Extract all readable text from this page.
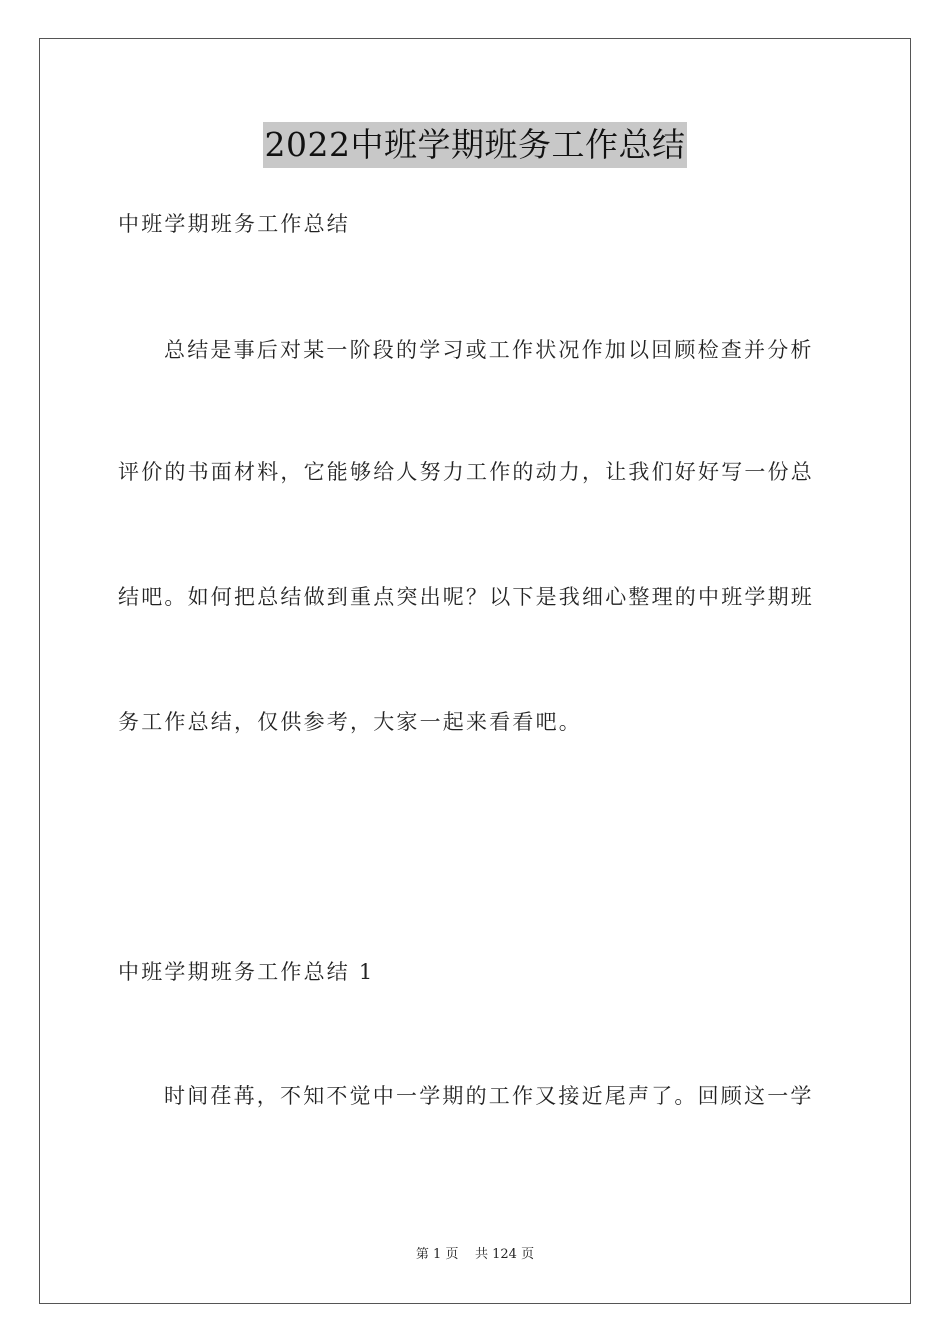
2022中班学期班务工作总结
中班学期班务工作总结
总结是事后对某一阶段的学习或工作状况作加以回顾检查并分析
评价的书面材料，它能够给人努力工作的动力，让我们好好写一份总
结吧。如何把总结做到重点突出呢？以下是我细心整理的中班学期班
务工作总结，仅供参考，大家一起来看看吧。
中班学期班务工作总结 1
时间荏苒，不知不觉中一学期的工作又接近尾声了。回顾这一学
第 1 页    共 124 页
